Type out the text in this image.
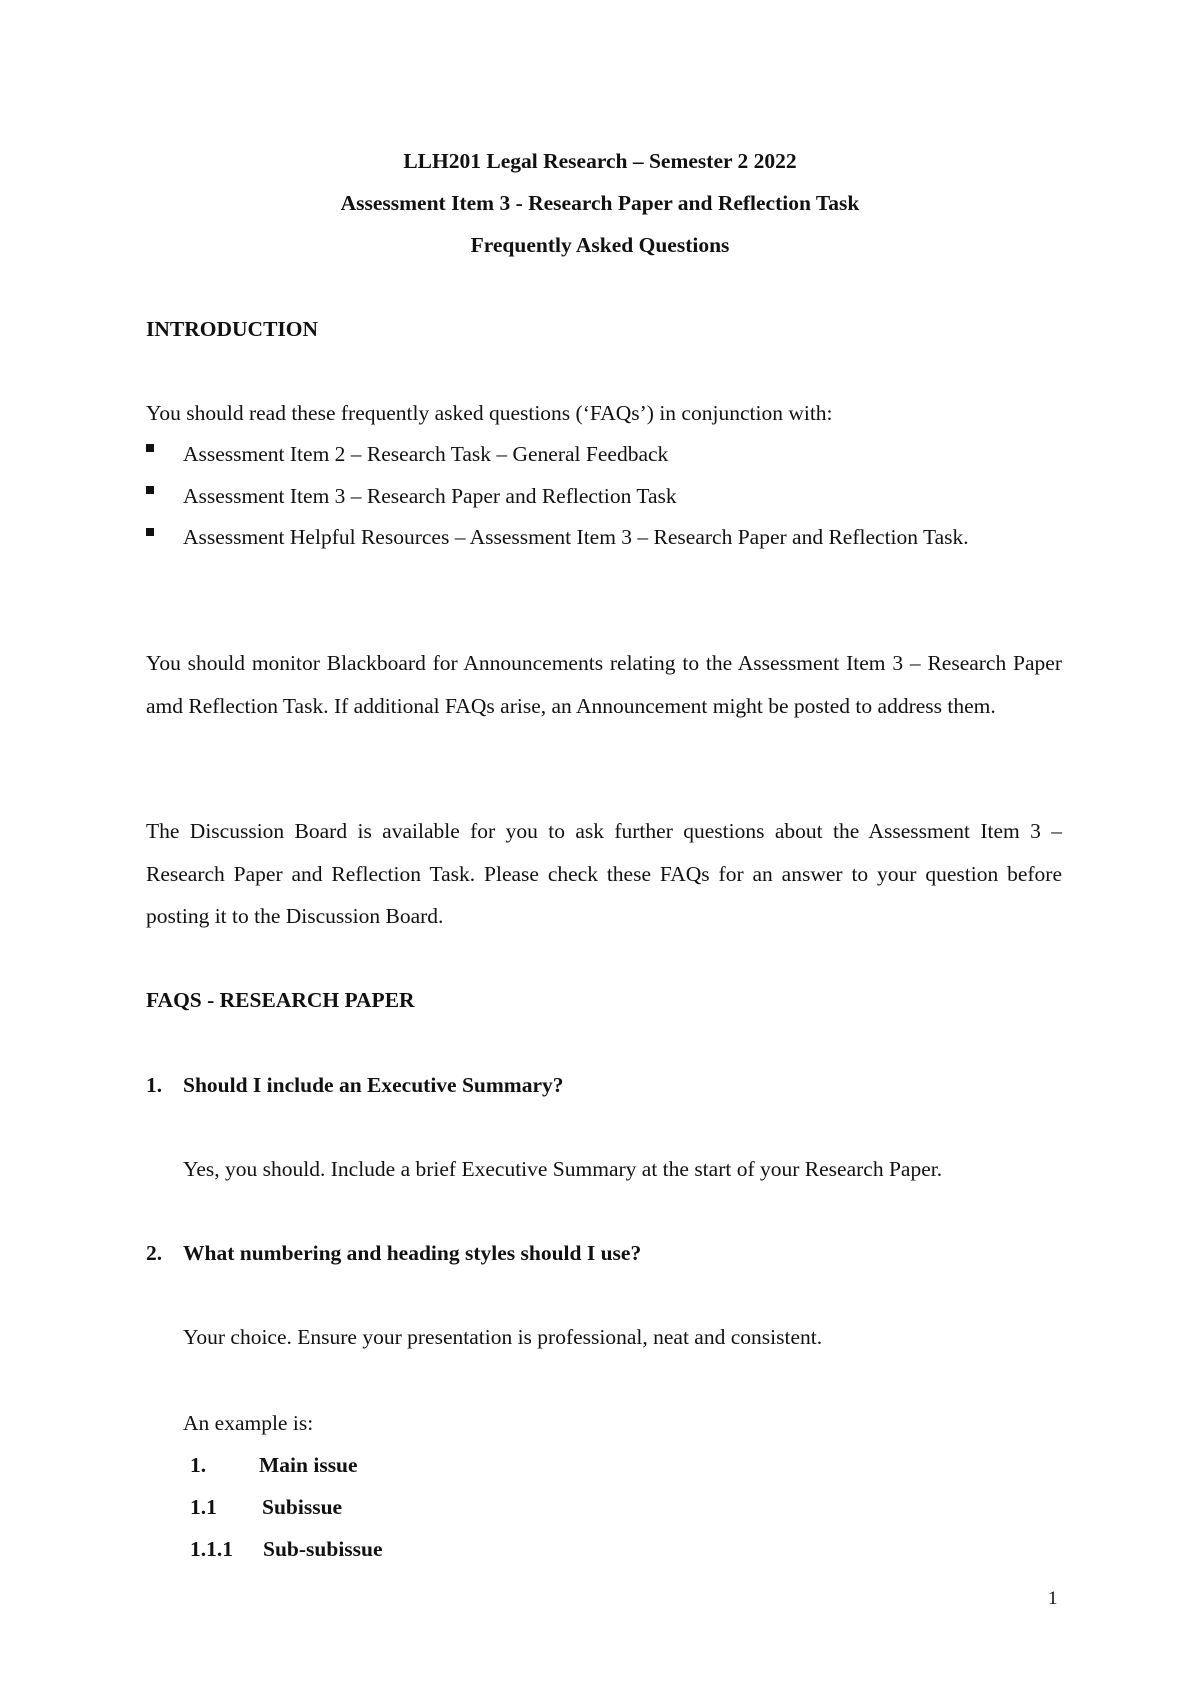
LLH201 Legal Research – Semester 2 2022
Assessment Item 3 - Research Paper and Reflection Task
Frequently Asked Questions
INTRODUCTION
You should read these frequently asked questions (‘FAQs’) in conjunction with:
Assessment Item 2 – Research Task – General Feedback
Assessment Item 3 – Research Paper and Reflection Task
Assessment Helpful Resources – Assessment Item 3 – Research Paper and Reflection Task.
You should monitor Blackboard for Announcements relating to the Assessment Item 3 – Research Paper amd Reflection Task. If additional FAQs arise, an Announcement might be posted to address them.
The Discussion Board is available for you to ask further questions about the Assessment Item 3 – Research Paper and Reflection Task. Please check these FAQs for an answer to your question before posting it to the Discussion Board.
FAQS - RESEARCH PAPER
1. Should I include an Executive Summary?
Yes, you should. Include a brief Executive Summary at the start of your Research Paper.
2. What numbering and heading styles should I use?
Your choice. Ensure your presentation is professional, neat and consistent.
An example is:
1. Main issue
1.1 Subissue
1.1.1 Sub-subissue
1
